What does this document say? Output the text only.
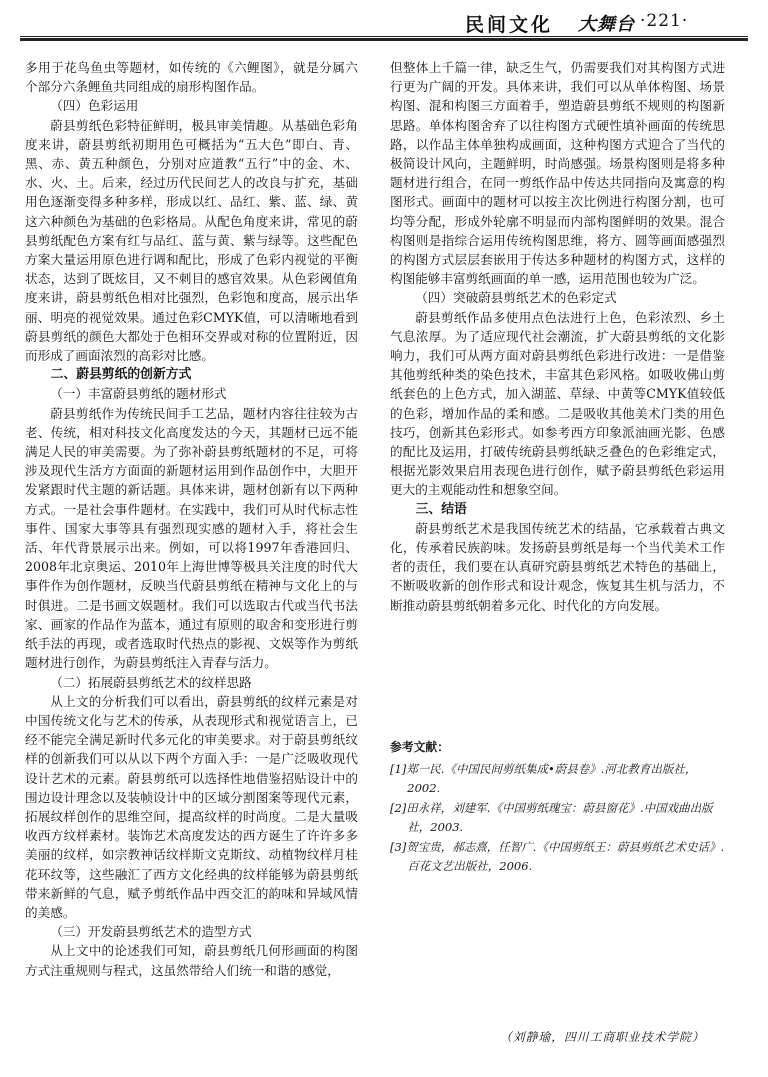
民间文化 大舞台 ·221·

多用于花鸟鱼虫等题材，如传统的《六鲤图》，就是分属六个部分六条鲤鱼共同组成的扇形构图作品。

（四）色彩运用

蔚县剪纸色彩特征鲜明，极具审美情趣。从基础色彩角度来讲，蔚县剪纸初期用色可概括为“五大色”即白、青、黑、赤、黄五种颜色，分别对应道教“五行”中的金、木、水、火、土。后来，经过历代民间艺人的改良与扩充，基础用色逐渐变得多种多样，形成以红、品红、紫、蓝、绿、黄这六种颜色为基础的色彩格局。从配色角度来讲，常见的蔚县剪纸配色方案有红与品红、蓝与黄、紫与绿等。这些配色方案大量运用原色进行调和配比，形成了色彩内视觉的平衡状态，达到了既炫目，又不刺目的感官效果。从色彩阈值角度来讲，蔚县剪纸色相对比强烈，色彩饱和度高，展示出华丽、明亮的视觉效果。通过色彩CMYK值，可以清晰地看到蔚县剪纸的颜色大都处于色相环交界或对称的位置附近，因而形成了画面浓烈的高彩对比感。

二、蔚县剪纸的创新方式

（一）丰富蔚县剪纸的题材形式

蔚县剪纸作为传统民间手工艺品，题材内容往往较为古老、传统，相对科技文化高度发达的今天，其题材已远不能满足人民的审美需要。为了弥补蔚县剪纸题材的不足，可将涉及现代生活方方面面的新题材运用到作品创作中，大胆开发紧跟时代主题的新话题。具体来讲，题材创新有以下两种方式。一是社会事件题材。在实践中，我们可从时代标志性事件、国家大事等具有强烈现实感的题材入手，将社会生活、年代背景展示出来。例如，可以将1997年香港回归、2008年北京奥运、2010年上海世博等极具关注度的时代大事件作为创作题材，反映当代蔚县剪纸在精神与文化上的与时俱进。二是书画文娱题材。我们可以选取古代或当代书法家、画家的作品作为蓝本，通过有原则的取舍和变形进行剪纸手法的再现，或者选取时代热点的影视、文娱等作为剪纸题材进行创作，为蔚县剪纸注入青春与活力。

（二）拓展蔚县剪纸艺术的纹样思路

从上文的分析我们可以看出，蔚县剪纸的纹样元素是对中国传统文化与艺术的传承，从表现形式和视觉语言上，已经不能完全满足新时代多元化的审美要求。对于蔚县剪纸纹样的创新我们可以从以下两个方面入手：一是广泛吸收现代设计艺术的元素。蔚县剪纸可以选择性地借鉴招贴设计中的围边设计理念以及装帧设计中的区域分割图案等现代元素，拓展纹样创作的思维空间，提高纹样的时尚度。二是大量吸收西方纹样素材。装饰艺术高度发达的西方诞生了许许多多美丽的纹样，如宗教神话纹样斯文克斯纹、动植物纹样月桂花环纹等，这些融汇了西方文化经典的纹样能够为蔚县剪纸带来新鲜的气息，赋予剪纸作品中西交汇的韵味和异域风情的美感。

（三）开发蔚县剪纸艺术的造型方式

从上文中的论述我们可知，蔚县剪纸几何形画面的构图方式注重规则与程式，这虽然带给人们统一和谐的感觉，

但整体上千篇一律，缺乏生气，仍需要我们对其构图方式进行更为广阔的开发。具体来讲，我们可以从单体构图、场景构图、混和构图三方面着手，塑造蔚县剪纸不规则的构图新思路。单体构图舍弃了以往构图方式硬性填补画面的传统思路，以作品主体单独构成画面，这种构图方式迎合了当代的极简设计风向，主题鲜明，时尚感强。场景构图则是将多种题材进行组合，在同一剪纸作品中传达共同指向及寓意的构图形式。画面中的题材可以按主次比例进行构图分割，也可均等分配，形成外轮廓不明显而内部构图鲜明的效果。混合构图则是指综合运用传统构图思维，将方、圆等画面感强烈的构图方式层层套嵌用于传达多种题材的构图方式，这样的构图能够丰富剪纸画面的单一感，运用范围也较为广泛。

（四）突破蔚县剪纸艺术的色彩定式

蔚县剪纸作品多使用点色法进行上色，色彩浓烈、乡土气息浓厚。为了适应现代社会潮流，扩大蔚县剪纸的文化影响力，我们可从两方面对蔚县剪纸色彩进行改进：一是借鉴其他剪纸种类的染色技术，丰富其色彩风格。如吸收佛山剪纸套色的上色方式，加入湖蓝、草绿、中黄等CMYK值较低的色彩，增加作品的柔和感。二是吸收其他美术门类的用色技巧，创新其色彩形式。如参考西方印象派油画光影、色感的配比及运用，打破传统蔚县剪纸缺乏叠色的色彩维定式，根据光影效果启用表现色进行创作，赋予蔚县剪纸色彩运用更大的主观能动性和想象空间。

三、结语

蔚县剪纸艺术是我国传统艺术的结晶，它承载着古典文化，传承着民族韵味。发扬蔚县剪纸是每一个当代美术工作者的责任，我们要在认真研究蔚县剪纸艺术特色的基础上，不断吸收新的创作形式和设计观念，恢复其生机与活力，不断推动蔚县剪纸朝着多元化、时代化的方向发展。

参考文献：

[1]郑一民.《中国民间剪纸集成•蔚县卷》.河北教育出版社，2002.

[2]田永祥，刘建军.《中国剪纸瑰宝：蔚县窗花》.中国戏曲出版社，2003.

[3]贺宝贵，郝志熹，任智广.《中国剪纸王：蔚县剪纸艺术史话》.百花文艺出版社，2006.

（刘静瑜，四川工商职业技术学院）
